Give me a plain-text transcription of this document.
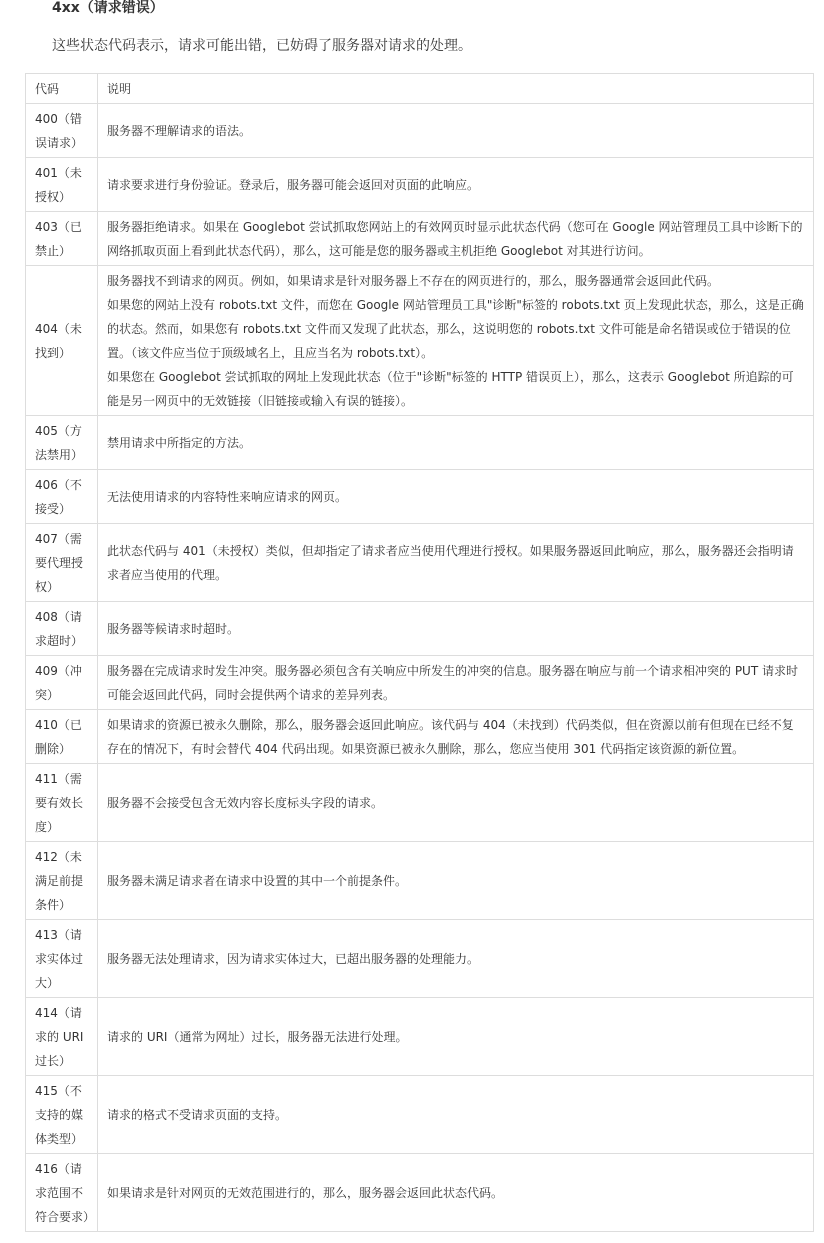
4xx（请求错误）

这些状态代码表示，请求可能出错，已妨碍了服务器对请求的处理。

代码	说明
400（错误请求）	服务器不理解请求的语法。

401（未授权）	请求要求进行身份验证。登录后，服务器可能会返回对页面的此响应。

403（已禁止）	服务器拒绝请求。如果在 Googlebot 尝试抓取您网站上的有效网页时显示此状态代码（您可在 Google 网站管理员工具中诊断下的网络抓取页面上看到此状态代码），那么，这可能是您的服务器或主机拒绝 Googlebot 对其进行访问。

404（未找到）	服务器找不到请求的网页。例如，如果请求是针对服务器上不存在的网页进行的，那么，服务器通常会返回此代码。
如果您的网站上没有 robots.txt 文件，而您在 Google 网站管理员工具"诊断"标签的 robots.txt 页上发现此状态，那么，这是正确的状态。然而，如果您有 robots.txt 文件而又发现了此状态，那么，这说明您的 robots.txt 文件可能是命名错误或位于错误的位置。（该文件应当位于顶级域名上，且应当名为 robots.txt）。
如果您在 Googlebot 尝试抓取的网址上发现此状态（位于"诊断"标签的 HTTP 错误页上），那么，这表示 Googlebot 所追踪的可能是另一网页中的无效链接（旧链接或输入有误的链接）。

405（方法禁用）	禁用请求中所指定的方法。

406（不接受）	无法使用请求的内容特性来响应请求的网页。

407（需要代理授权）	此状态代码与 401（未授权）类似，但却指定了请求者应当使用代理进行授权。如果服务器返回此响应，那么，服务器还会指明请求者应当使用的代理。

408（请求超时）	服务器等候请求时超时。

409（冲突）	服务器在完成请求时发生冲突。服务器必须包含有关响应中所发生的冲突的信息。服务器在响应与前一个请求相冲突的 PUT 请求时可能会返回此代码，同时会提供两个请求的差异列表。

410（已删除）	如果请求的资源已被永久删除，那么，服务器会返回此响应。该代码与 404（未找到）代码类似，但在资源以前有但现在已经不复存在的情况下，有时会替代 404 代码出现。如果资源已被永久删除，那么，您应当使用 301 代码指定该资源的新位置。

411（需要有效长度）	服务器不会接受包含无效内容长度标头字段的请求。

412（未满足前提条件）	服务器未满足请求者在请求中设置的其中一个前提条件。

413（请求实体过大）	服务器无法处理请求，因为请求实体过大，已超出服务器的处理能力。

414（请求的 URI 过长）	请求的 URI（通常为网址）过长，服务器无法进行处理。

415（不支持的媒体类型）	请求的格式不受请求页面的支持。

416（请求范围不符合要求）	如果请求是针对网页的无效范围进行的，那么，服务器会返回此状态代码。
